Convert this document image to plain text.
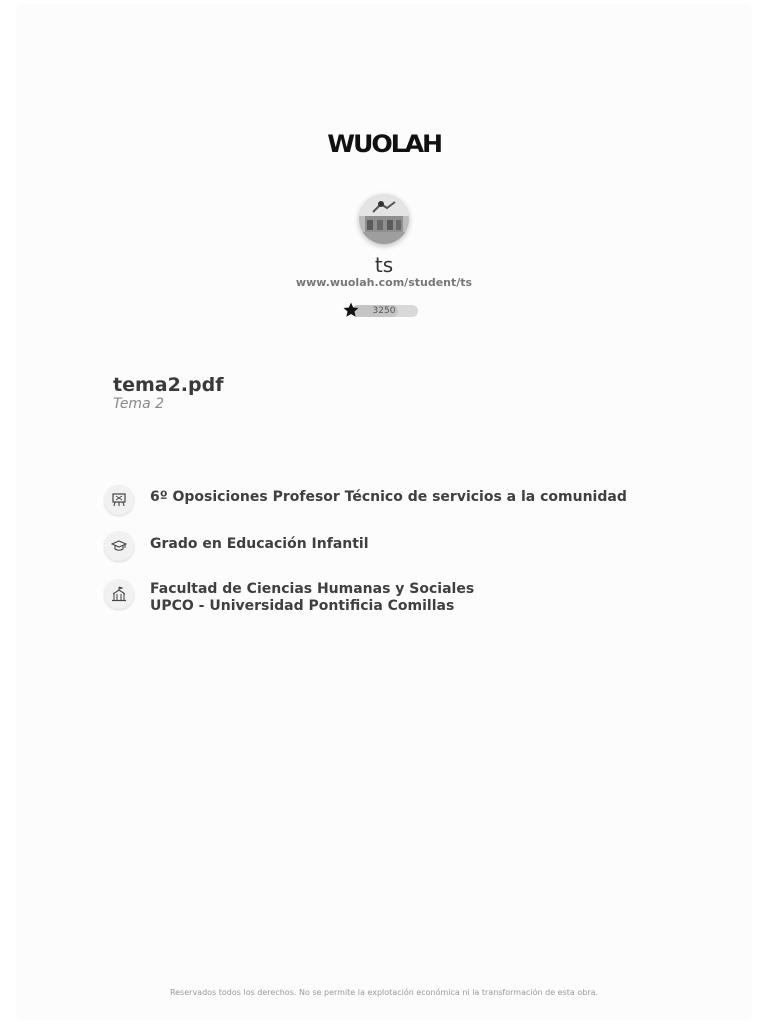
WUOLAH
ts
www.wuolah.com/student/ts
3250
tema2.pdf
Tema 2
6º Oposiciones Profesor Técnico de servicios a la comunidad
Grado en Educación Infantil
Facultad de Ciencias Humanas y Sociales
UPCO - Universidad Pontificia Comillas
Reservados todos los derechos. No se permite la explotación económica ni la transformación de esta obra.
